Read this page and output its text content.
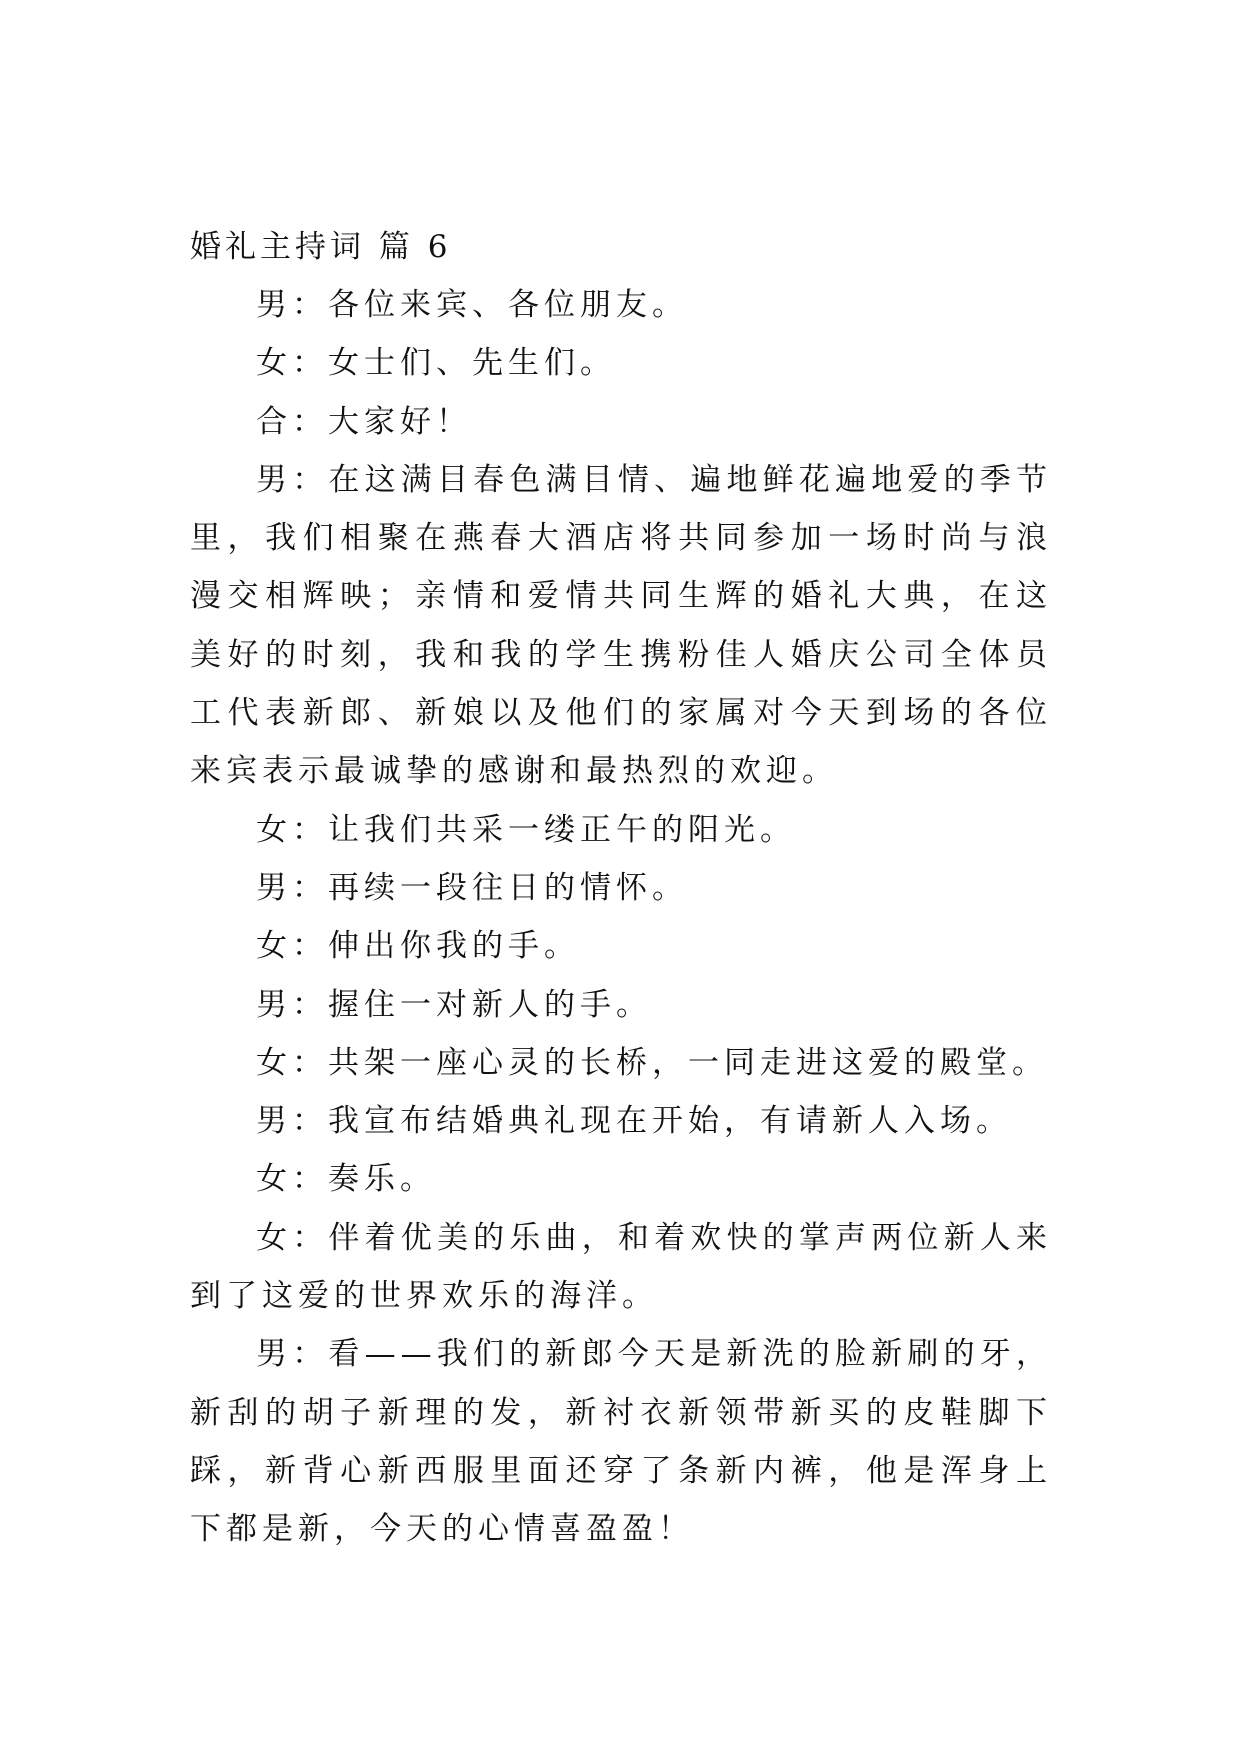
婚礼主持词 篇 6

男：各位来宾、各位朋友。

女：女士们、先生们。

合：大家好！

男：在这满目春色满目情、遍地鲜花遍地爱的季节里，我们相聚在燕春大酒店将共同参加一场时尚与浪漫交相辉映；亲情和爱情共同生辉的婚礼大典，在这美好的时刻，我和我的学生携粉佳人婚庆公司全体员工代表新郎、新娘以及他们的家属对今天到场的各位来宾表示最诚挚的感谢和最热烈的欢迎。

女：让我们共采一缕正午的阳光。

男：再续一段往日的情怀。

女：伸出你我的手。

男：握住一对新人的手。

女：共架一座心灵的长桥，一同走进这爱的殿堂。

男：我宣布结婚典礼现在开始，有请新人入场。

女：奏乐。

女：伴着优美的乐曲，和着欢快的掌声两位新人来到了这爱的世界欢乐的海洋。

男：看——我们的新郎今天是新洗的脸新刷的牙，新刮的胡子新理的发，新衬衣新领带新买的皮鞋脚下踩，新背心新西服里面还穿了条新内裤，他是浑身上下都是新，今天的心情喜盈盈！
